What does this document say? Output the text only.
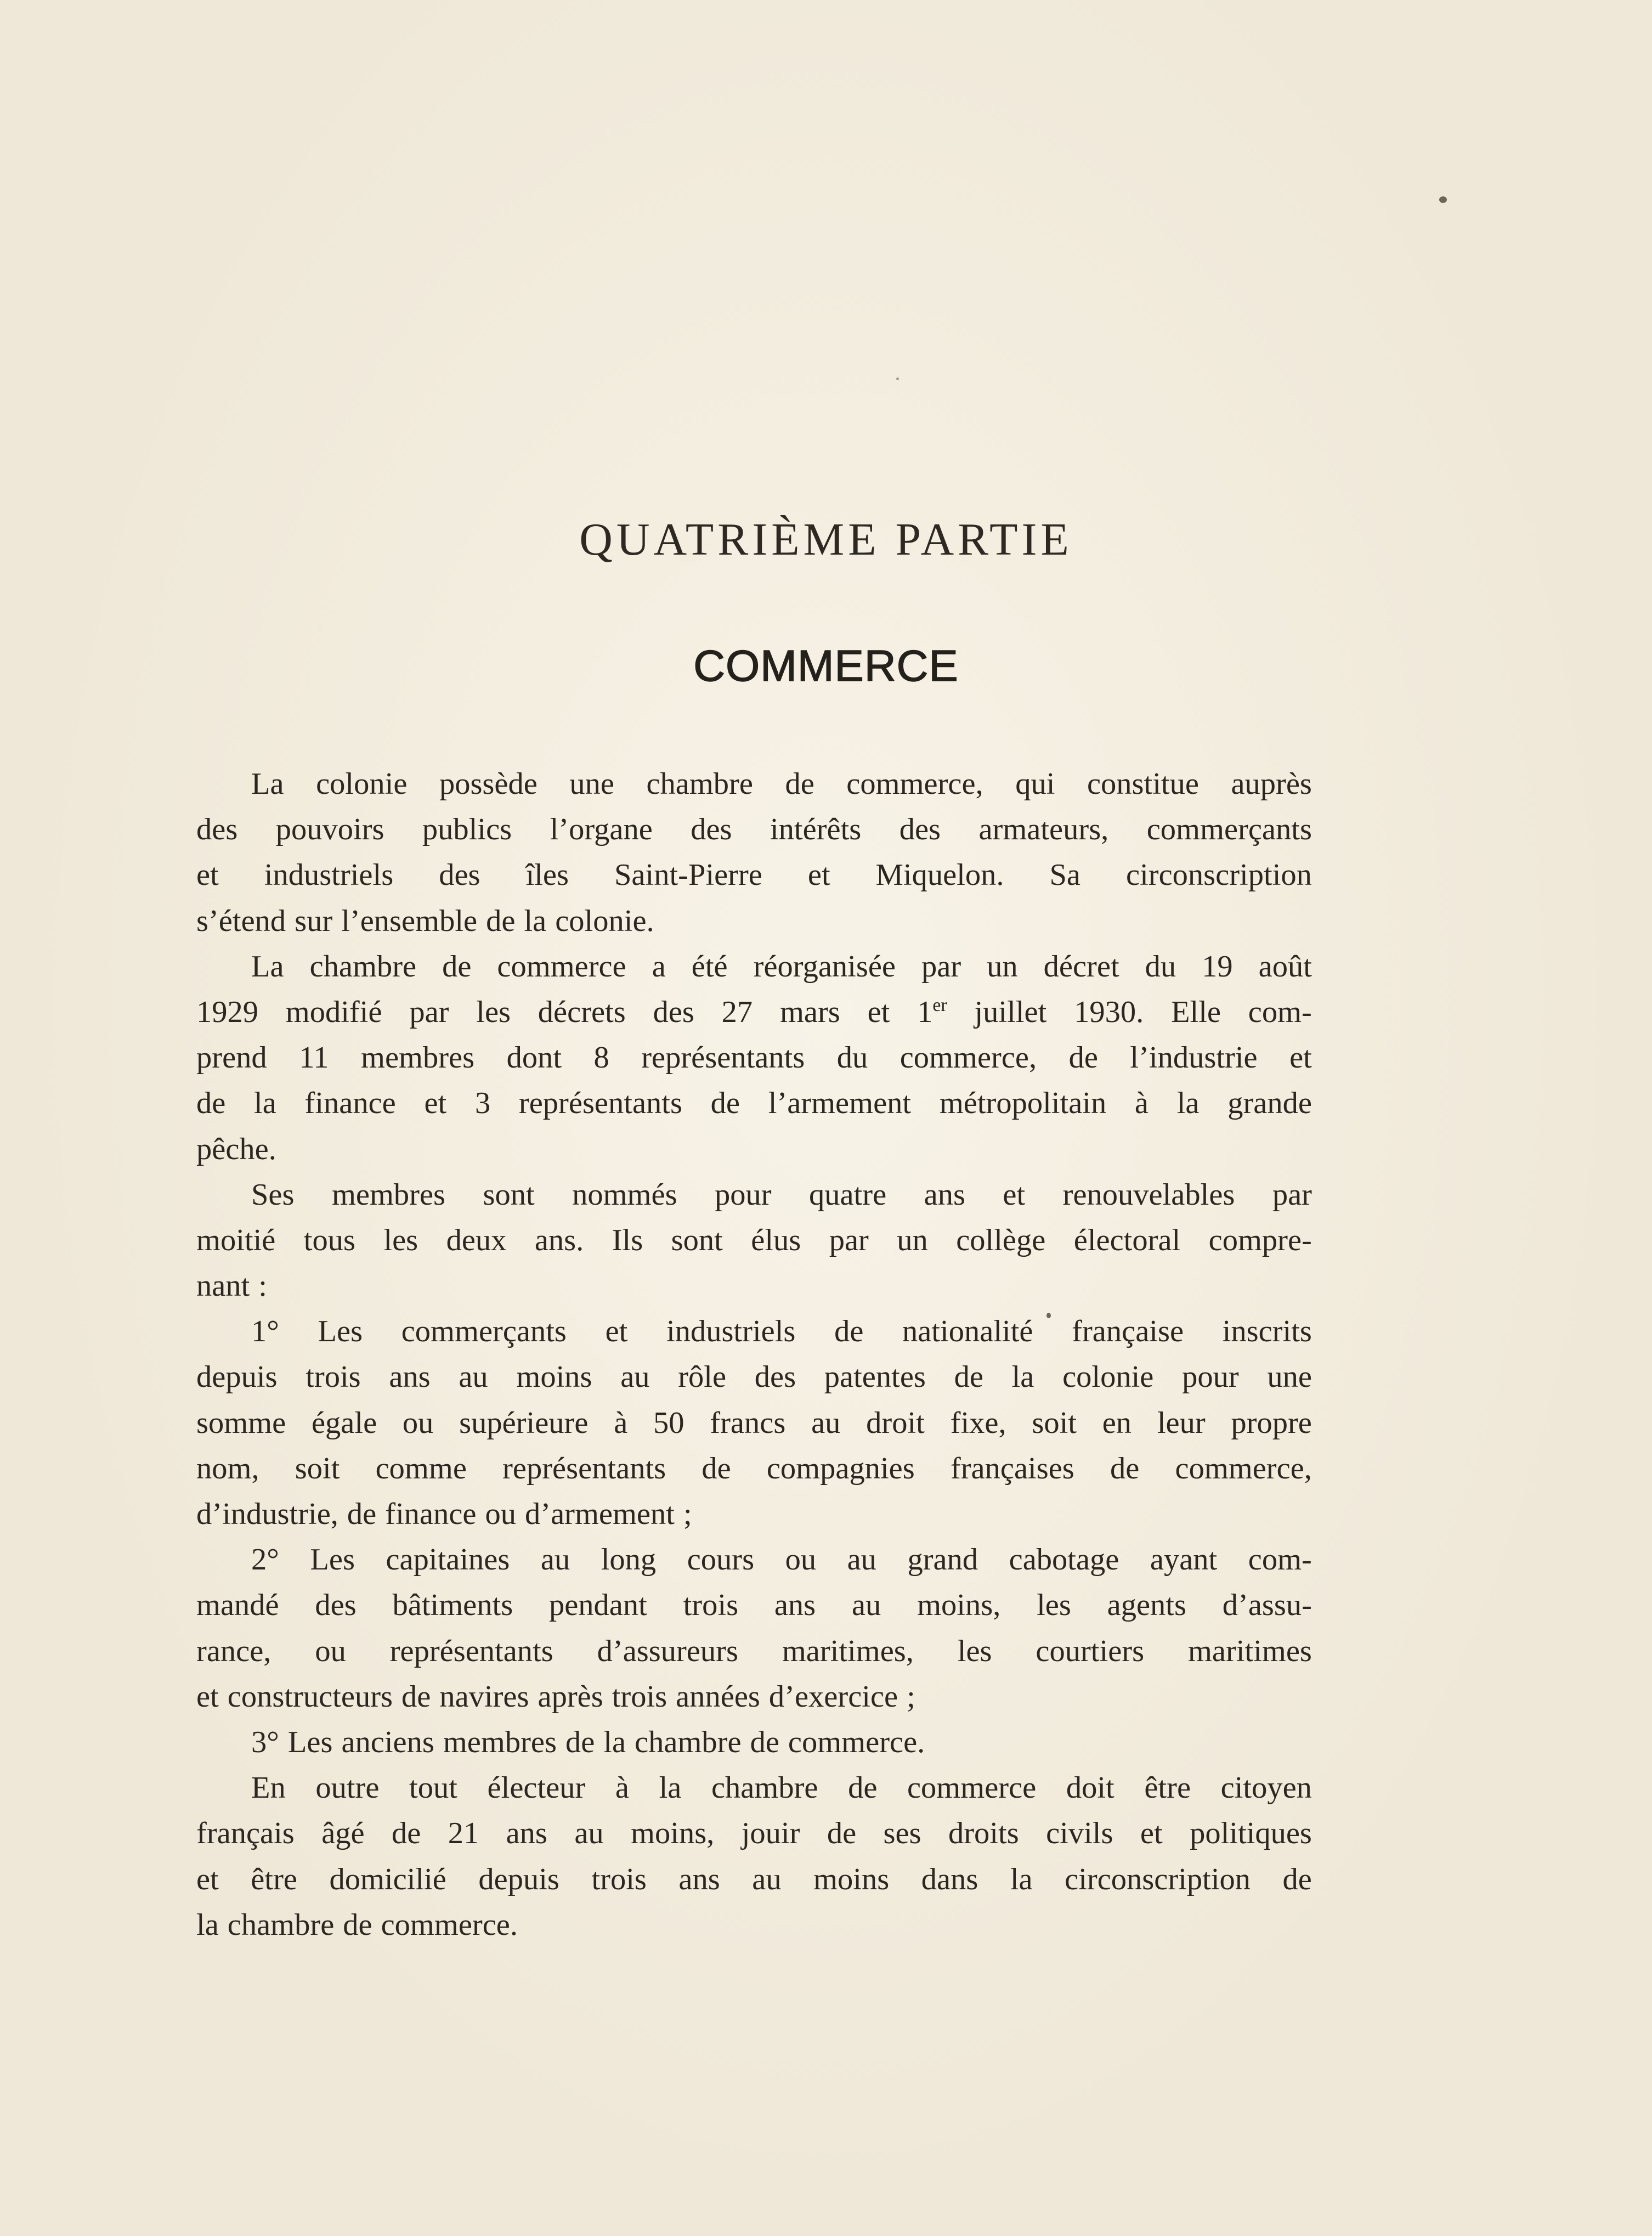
QUATRIÈME PARTIE
COMMERCE
La colonie possède une chambre de commerce, qui constitue auprès
des pouvoirs publics l’organe des intérêts des armateurs, commerçants
et industriels des îles Saint-Pierre et Miquelon. Sa circonscription
s’étend sur l’ensemble de la colonie.
La chambre de commerce a été réorganisée par un décret du 19 août
1929 modifié par les décrets des 27 mars et 1er juillet 1930. Elle com-
prend 11 membres dont 8 représentants du commerce, de l’industrie et
de la finance et 3 représentants de l’armement métropolitain à la grande
pêche.
Ses membres sont nommés pour quatre ans et renouvelables par
moitié tous les deux ans. Ils sont élus par un collège électoral compre-
nant :
1° Les commerçants et industriels de nationalité française inscrits
depuis trois ans au moins au rôle des patentes de la colonie pour une
somme égale ou supérieure à 50 francs au droit fixe, soit en leur propre
nom, soit comme représentants de compagnies françaises de commerce,
d’industrie, de finance ou d’armement ;
2° Les capitaines au long cours ou au grand cabotage ayant com-
mandé des bâtiments pendant trois ans au moins, les agents d’assu-
rance, ou représentants d’assureurs maritimes, les courtiers maritimes
et constructeurs de navires après trois années d’exercice ;
3° Les anciens membres de la chambre de commerce.
En outre tout électeur à la chambre de commerce doit être citoyen
français âgé de 21 ans au moins, jouir de ses droits civils et politiques
et être domicilié depuis trois ans au moins dans la circonscription de
la chambre de commerce.
